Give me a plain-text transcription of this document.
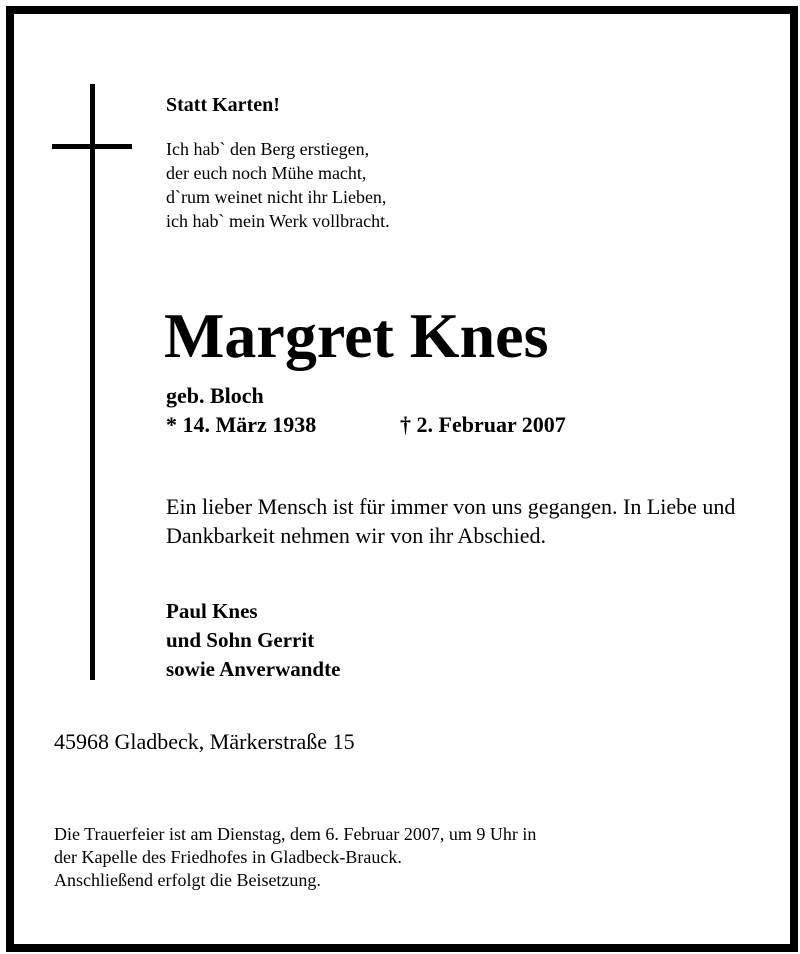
Statt Karten!
Ich hab` den Berg erstiegen,
der euch noch Mühe macht,
d`rum weinet nicht ihr Lieben,
ich hab` mein Werk vollbracht.
Margret Knes
geb. Bloch
* 14. März 1938	† 2. Februar 2007
Ein lieber Mensch ist für immer von uns gegangen. In Liebe und Dankbarkeit nehmen wir von ihr Abschied.
Paul Knes
und Sohn Gerrit
sowie Anverwandte
45968 Gladbeck, Märkerstraße 15
Die Trauerfeier ist am Dienstag, dem 6. Februar 2007, um 9 Uhr in
der Kapelle des Friedhofes in Gladbeck-Brauck.
Anschließend erfolgt die Beisetzung.
